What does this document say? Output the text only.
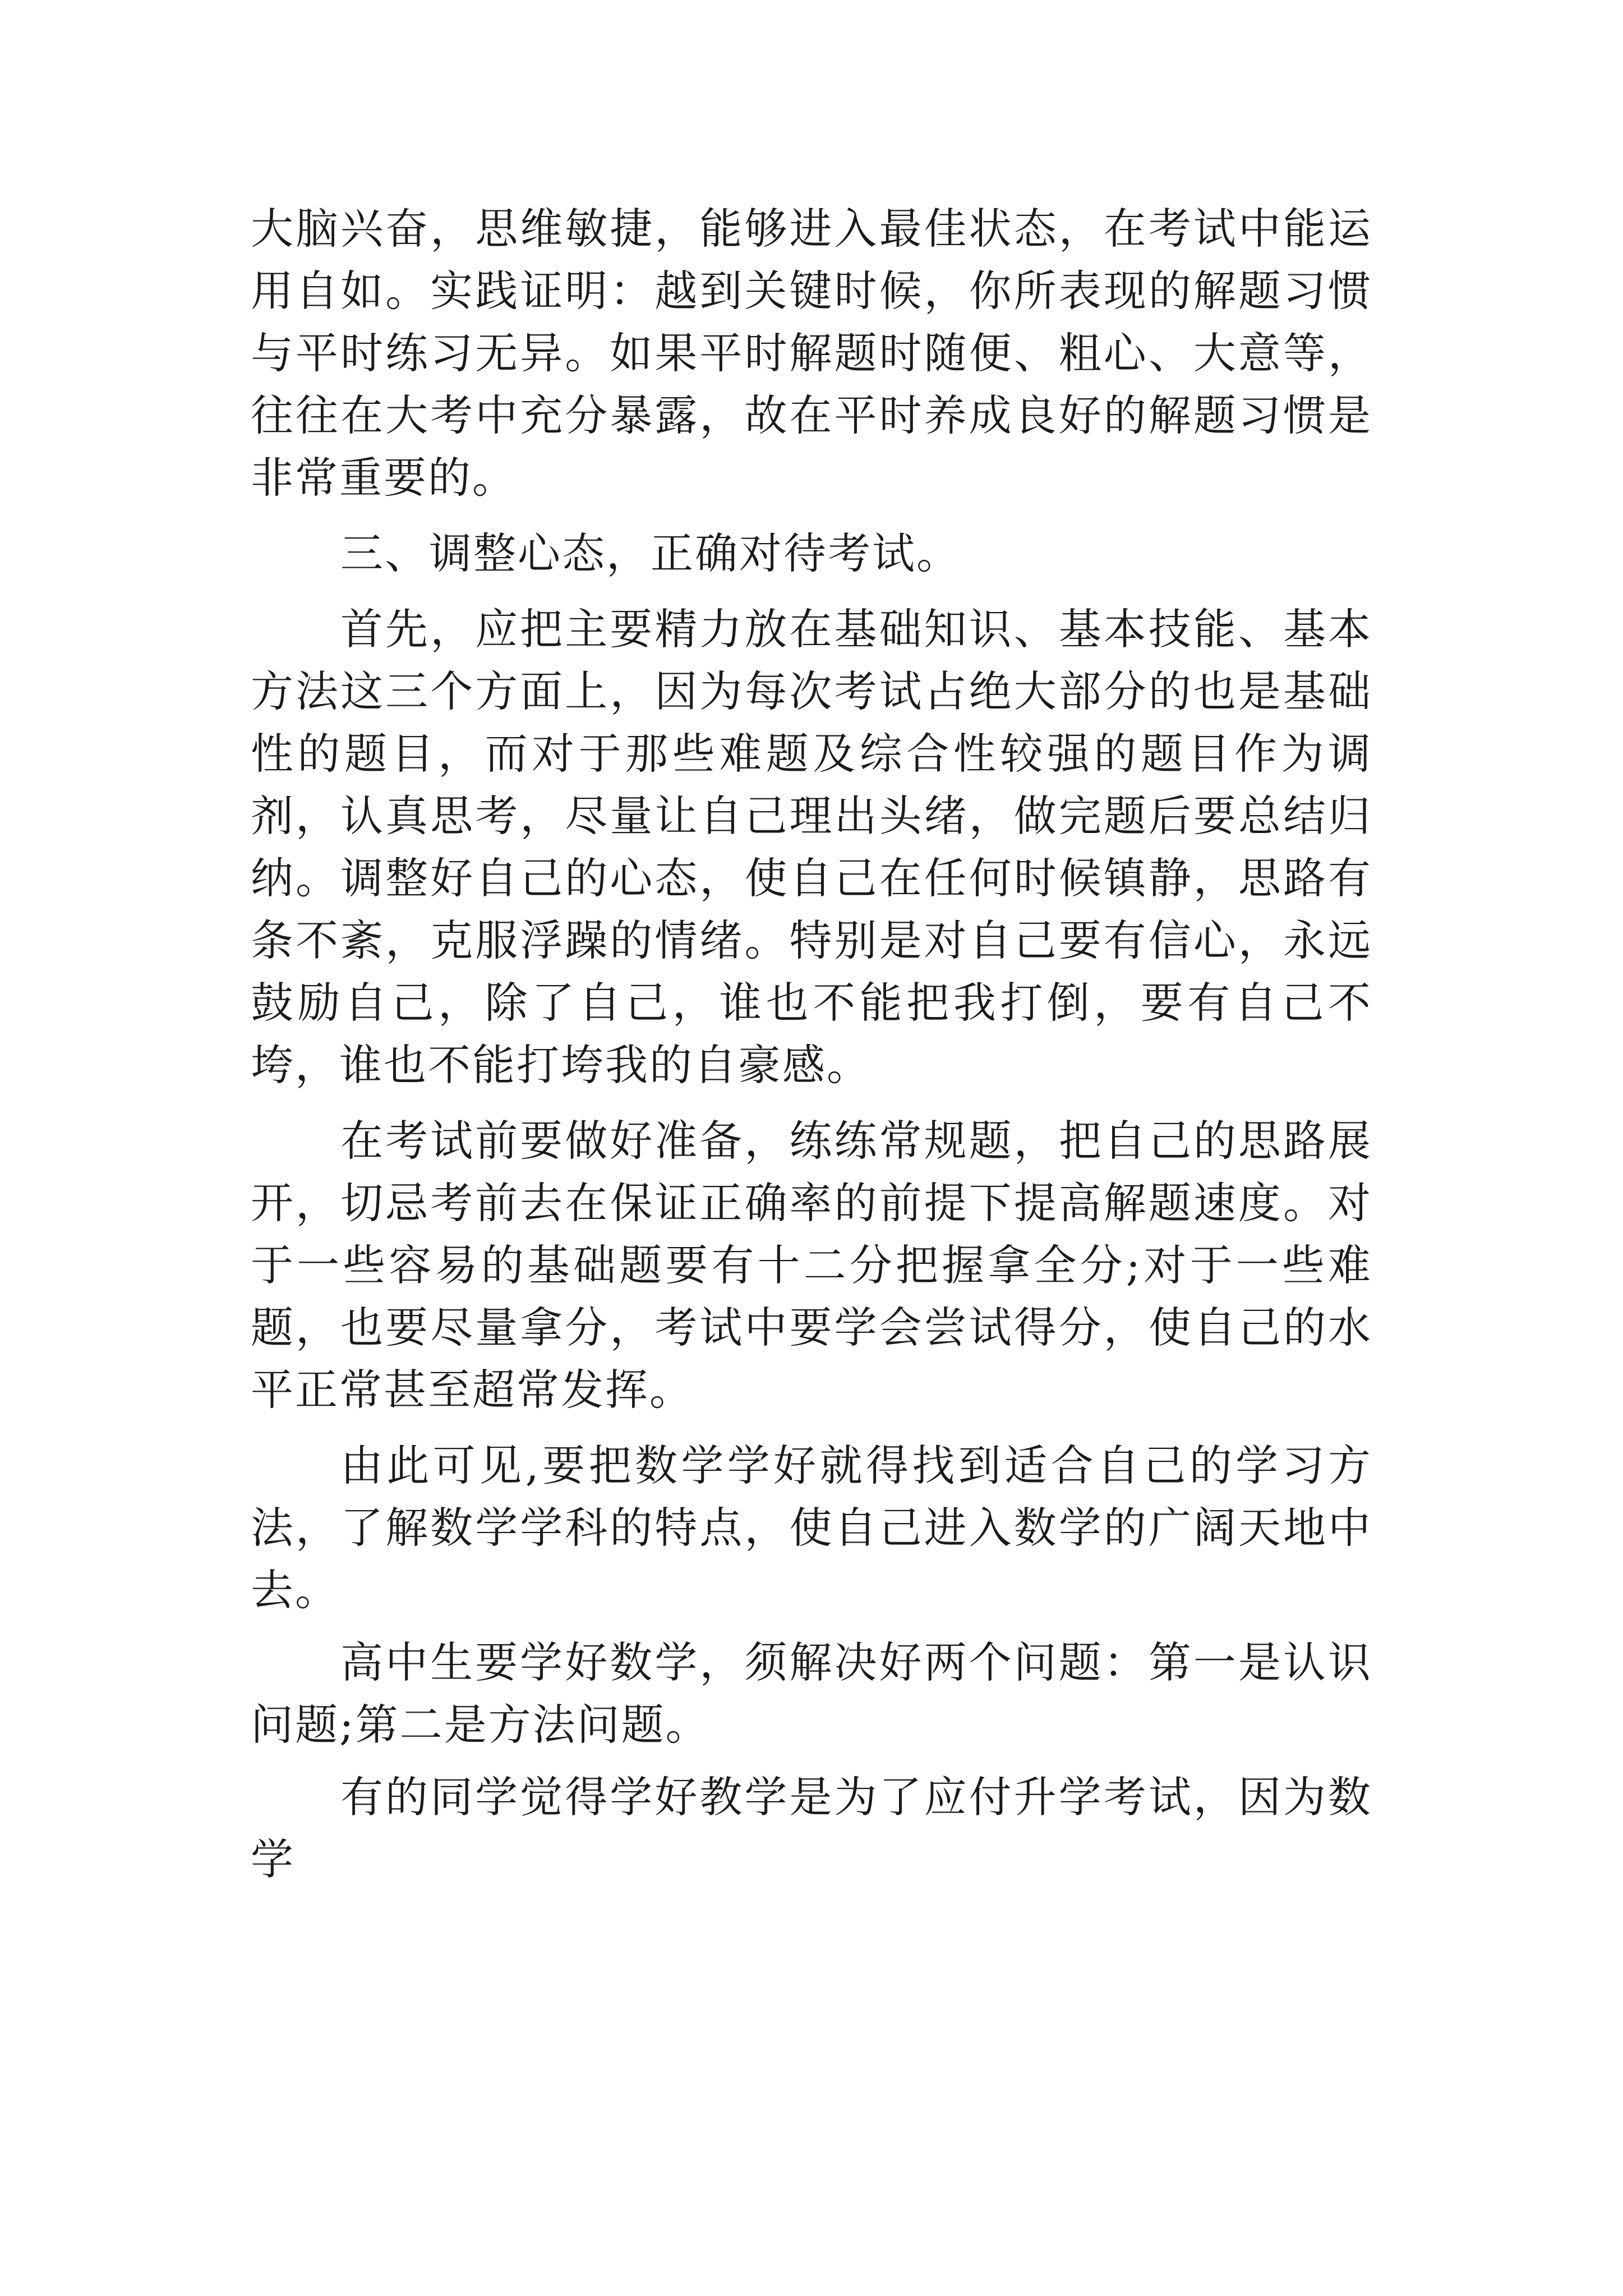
大脑兴奋，思维敏捷，能够进入最佳状态，在考试中能运用自如。实践证明：越到关键时候，你所表现的解题习惯与平时练习无异。如果平时解题时随便、粗心、大意等，往往在大考中充分暴露，故在平时养成良好的解题习惯是非常重要的。

三、调整心态，正确对待考试。

首先，应把主要精力放在基础知识、基本技能、基本方法这三个方面上，因为每次考试占绝大部分的也是基础性的题目，而对于那些难题及综合性较强的题目作为调剂，认真思考，尽量让自己理出头绪，做完题后要总结归纳。调整好自己的心态，使自己在任何时候镇静，思路有条不紊，克服浮躁的情绪。特别是对自己要有信心，永远鼓励自己，除了自己，谁也不能把我打倒，要有自己不垮，谁也不能打垮我的自豪感。

在考试前要做好准备，练练常规题，把自己的思路展开，切忌考前去在保证正确率的前提下提高解题速度。对于一些容易的基础题要有十二分把握拿全分;对于一些难题，也要尽量拿分，考试中要学会尝试得分，使自己的水平正常甚至超常发挥。

由此可见,要把数学学好就得找到适合自己的学习方法，了解数学学科的特点，使自己进入数学的广阔天地中去。

高中生要学好数学，须解决好两个问题：第一是认识问题;第二是方法问题。

有的同学觉得学好教学是为了应付升学考试，因为数学
